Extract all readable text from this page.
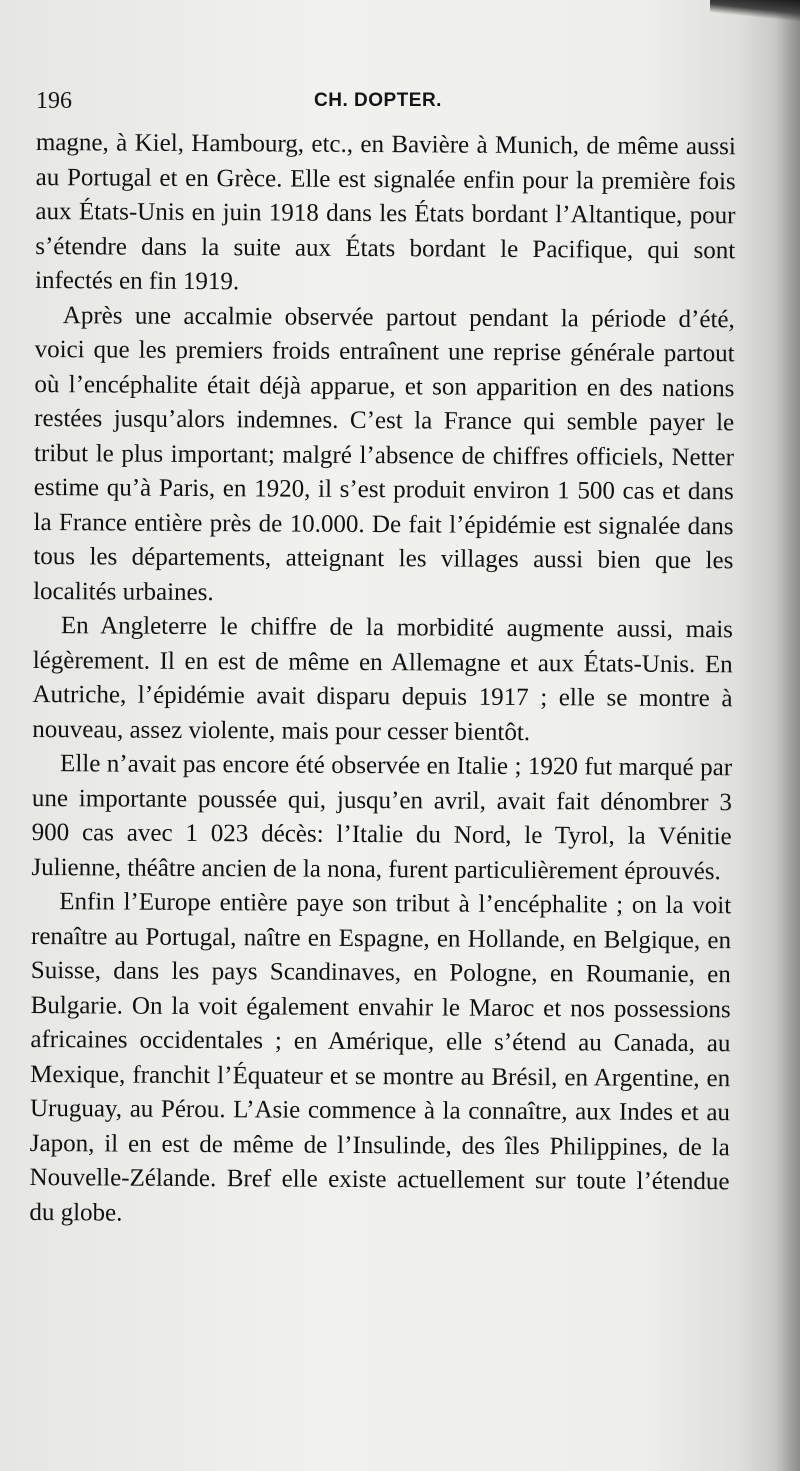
196	CH. DOPTER.

magne, à Kiel, Hambourg, etc., en Bavière à Munich, de même aussi au Portugal et en Grèce. Elle est signalée enfin pour la première fois aux États-Unis en juin 1918 dans les États bordant l’Altantique, pour s’étendre dans la suite aux États bordant le Pacifique, qui sont infectés en fin 1919.

Après une accalmie observée partout pendant la période d’été, voici que les premiers froids entraînent une reprise générale partout où l’encéphalite était déjà apparue, et son apparition en des nations restées jusqu’alors indemnes. C’est la France qui semble payer le tribut le plus important; malgré l’absence de chiffres officiels, Netter estime qu’à Paris, en 1920, il s’est produit environ 1 500 cas et dans la France entière près de 10.000. De fait l’épidémie est signalée dans tous les départements, atteignant les villages aussi bien que les localités urbaines.

En Angleterre le chiffre de la morbidité augmente aussi, mais légèrement. Il en est de même en Allemagne et aux États-Unis. En Autriche, l’épidémie avait disparu depuis 1917 ; elle se montre à nouveau, assez violente, mais pour cesser bientôt.

Elle n’avait pas encore été observée en Italie ; 1920 fut marqué par une importante poussée qui, jusqu’en avril, avait fait dénombrer 3 900 cas avec 1 023 décès: l’Italie du Nord, le Tyrol, la Vénitie Julienne, théâtre ancien de la nona, furent particulièrement éprouvés.

Enfin l’Europe entière paye son tribut à l’encéphalite ; on la voit renaître au Portugal, naître en Espagne, en Hollande, en Belgique, en Suisse, dans les pays Scandinaves, en Pologne, en Roumanie, en Bulgarie. On la voit également envahir le Maroc et nos possessions africaines occidentales ; en Amérique, elle s’étend au Canada, au Mexique, franchit l’Équateur et se montre au Brésil, en Argentine, en Uruguay, au Pérou. L’Asie commence à la connaître, aux Indes et au Japon, il en est de même de l’Insulinde, des îles Philippines, de la Nouvelle-Zélande. Bref elle existe actuellement sur toute l’étendue du globe.
